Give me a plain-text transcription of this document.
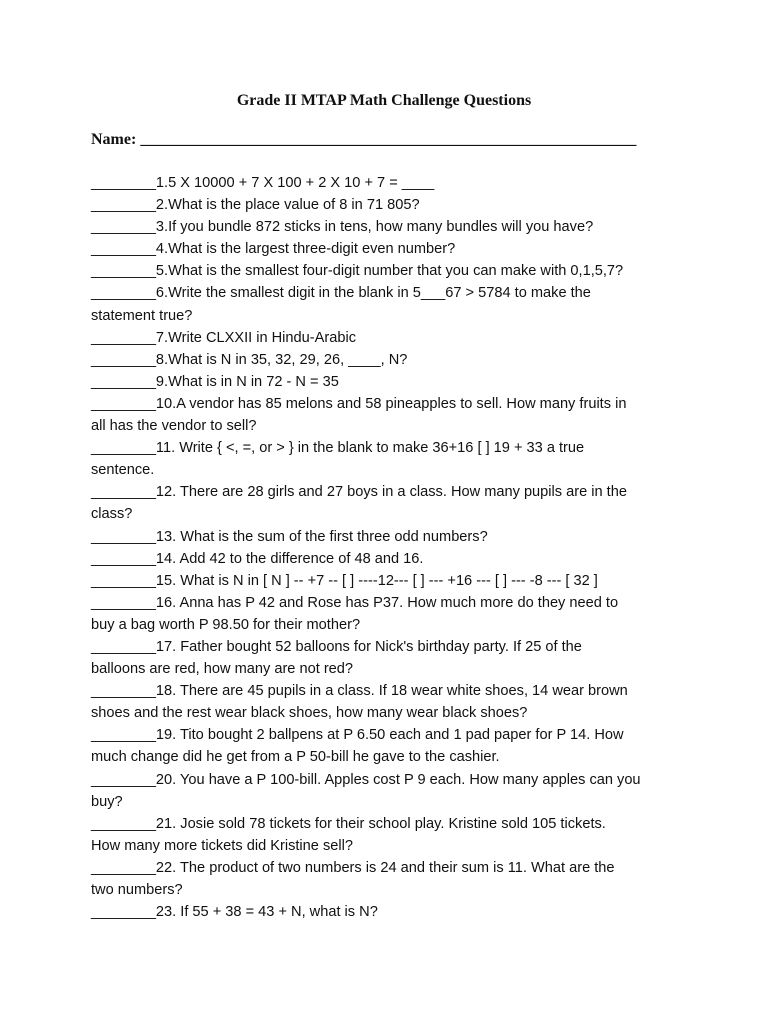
Grade II MTAP Math Challenge Questions
Name: ______________________________________________________________
________1.5 X 10000 + 7 X 100 + 2 X 10 + 7 = ____
________2.What is the place value of 8 in 71 805?
________3.If you bundle 872 sticks in tens, how many bundles will you have?
________4.What is the largest three-digit even number?
________5.What is the smallest four-digit number that you can make with 0,1,5,7?
________6.Write the smallest digit in the blank in 5___67 > 5784 to make the
statement true?
________7.Write CLXXII in Hindu-Arabic
________8.What is N in 35, 32, 29, 26, ____, N?
________9.What is in N in 72 - N = 35
________10.A vendor has 85 melons and 58 pineapples to sell. How many fruits in
all has the vendor to sell?
________11. Write { <, =, or > } in the blank to make 36+16 [ ] 19 + 33 a true
sentence.
________12. There are 28 girls and 27 boys in a class. How many pupils are in the
class?
________13. What is the sum of the first three odd numbers?
________14. Add 42 to the difference of 48 and 16.
________15. What is N in [ N ] -- +7 -- [ ] ----12--- [ ] --- +16 --- [ ] --- -8 --- [ 32 ]
________16. Anna has P 42 and Rose has P37. How much more do they need to
buy a bag worth P 98.50 for their mother?
________17. Father bought 52 balloons for Nick's birthday party. If 25 of the
balloons are red, how many are not red?
________18. There are 45 pupils in a class. If 18 wear white shoes, 14 wear brown
shoes and the rest wear black shoes, how many wear black shoes?
________19. Tito bought 2 ballpens at P 6.50 each and 1 pad paper for P 14. How
much change did he get from a P 50-bill he gave to the cashier.
________20. You have a P 100-bill. Apples cost P 9 each. How many apples can you
buy?
________21. Josie sold 78 tickets for their school play. Kristine sold 105 tickets.
How many more tickets did Kristine sell?
________22. The product of two numbers is 24 and their sum is 11. What are the
two numbers?
________23. If 55 + 38 = 43 + N, what is N?
